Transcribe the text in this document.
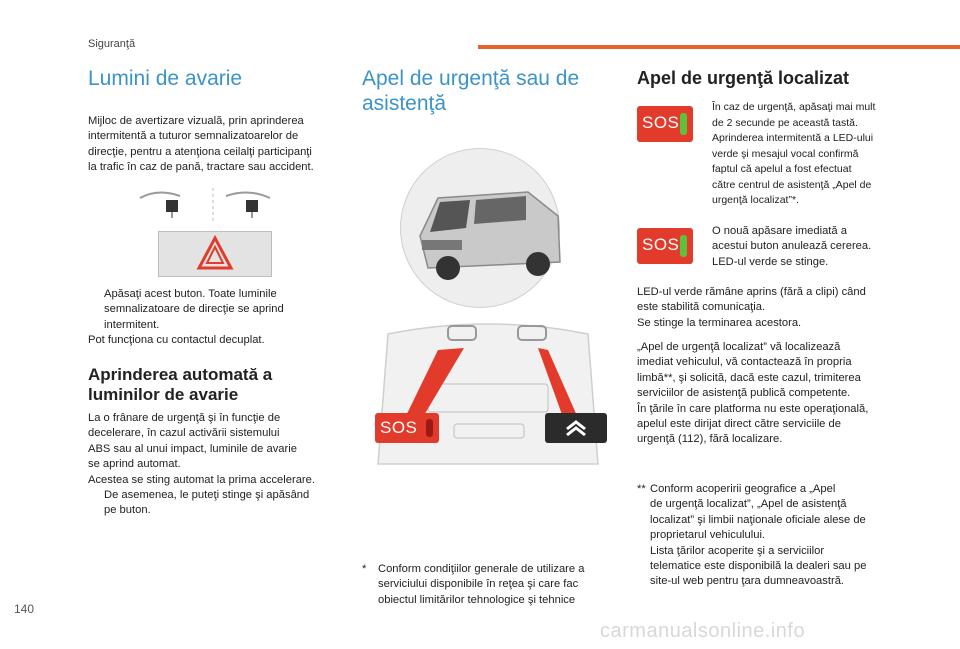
Siguranţă
Lumini de avarie
Mijloc de avertizare vizuală, prin aprinderea
intermitentă a tuturor semnalizatoarelor de
direcţie, pentru a atenţiona ceilalţi participanţi
la trafic în caz de pană, tractare sau accident.
Apăsaţi acest buton. Toate luminile
semnalizatoare de direcţie se aprind
intermitent.
Pot funcţiona cu contactul decuplat.
Aprinderea automată a
luminilor de avarie
La o frânare de urgenţă şi în funcţie de
decelerare, în cazul activării sistemului
ABS sau al unui impact, luminile de avarie
se aprind automat.
Acestea se sting automat la prima accelerare.
De asemenea, le puteţi stinge şi apăsând
pe buton.
Apel de urgenţă sau de
asistenţă
SOS
* Conform condiţiilor generale de utilizare a
serviciului disponibile în reţea şi care fac
obiectul limitărilor tehnologice şi tehnice
Apel de urgenţă localizat
SOS
În caz de urgenţă, apăsaţi mai mult
de 2 secunde pe această tastă.
Aprinderea intermitentă a LED-ului
verde şi mesajul vocal confirmă
faptul că apelul a fost efectuat
către centrul de asistenţă „Apel de
urgenţă localizat”*.
SOS
O nouă apăsare imediată a
acestui buton anulează cererea.
LED-ul verde se stinge.
LED-ul verde rămâne aprins (fără a clipi) când
este stabilită comunicaţia.
Se stinge la terminarea acestora.
„Apel de urgenţă localizat” vă localizează
imediat vehiculul, vă contactează în propria
limbă**, şi solicită, dacă este cazul, trimiterea
serviciilor de asistenţă publică competente.
În ţările în care platforma nu este operaţională,
apelul este dirijat direct către serviciile de
urgenţă (112), fără localizare.
** Conform acoperirii geografice a „Apel
de urgenţă localizat”, „Apel de asistenţă
localizat” şi limbii naţionale oficiale alese de
proprietarul vehiculului.
Lista ţărilor acoperite şi a serviciilor
telematice este disponibilă la dealeri sau pe
site-ul web pentru ţara dumneavoastră.
140
carmanualsonline.info
